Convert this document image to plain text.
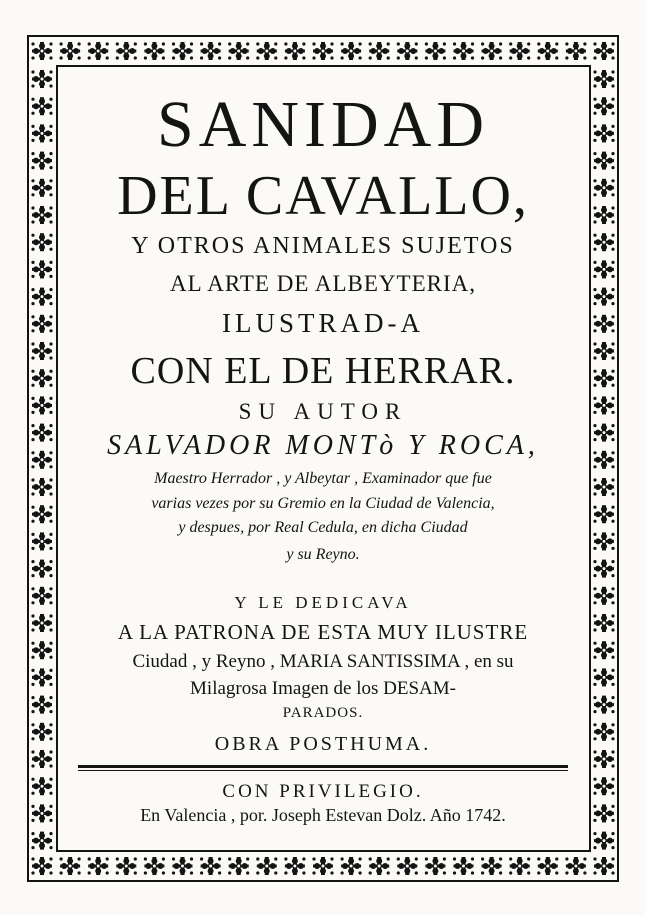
SANIDAD
DEL CAVALLO,
Y OTROS ANIMALES SUJETOS
AL ARTE DE ALBEYTERIA,
ILUSTRAD-A
CON EL DE HERRAR.
SU AUTOR
SALVADOR MONTò Y ROCA,
Maestro Herrador , y Albeytar , Examinador que fue
varias vezes por su Gremio en la Ciudad de Valencia,
y despues, por Real Cedula, en dicha Ciudad
y su Reyno.
Y LE DEDICAVA
A LA PATRONA DE ESTA MUY ILUSTRE
Ciudad , y Reyno , MARIA SANTISSIMA , en su
Milagrosa Imagen de los DESAM-
PARADOS.
OBRA POSTHUMA.
CON PRIVILEGIO.
En Valencia , por. Joseph Estevan Dolz. Año 1742.
